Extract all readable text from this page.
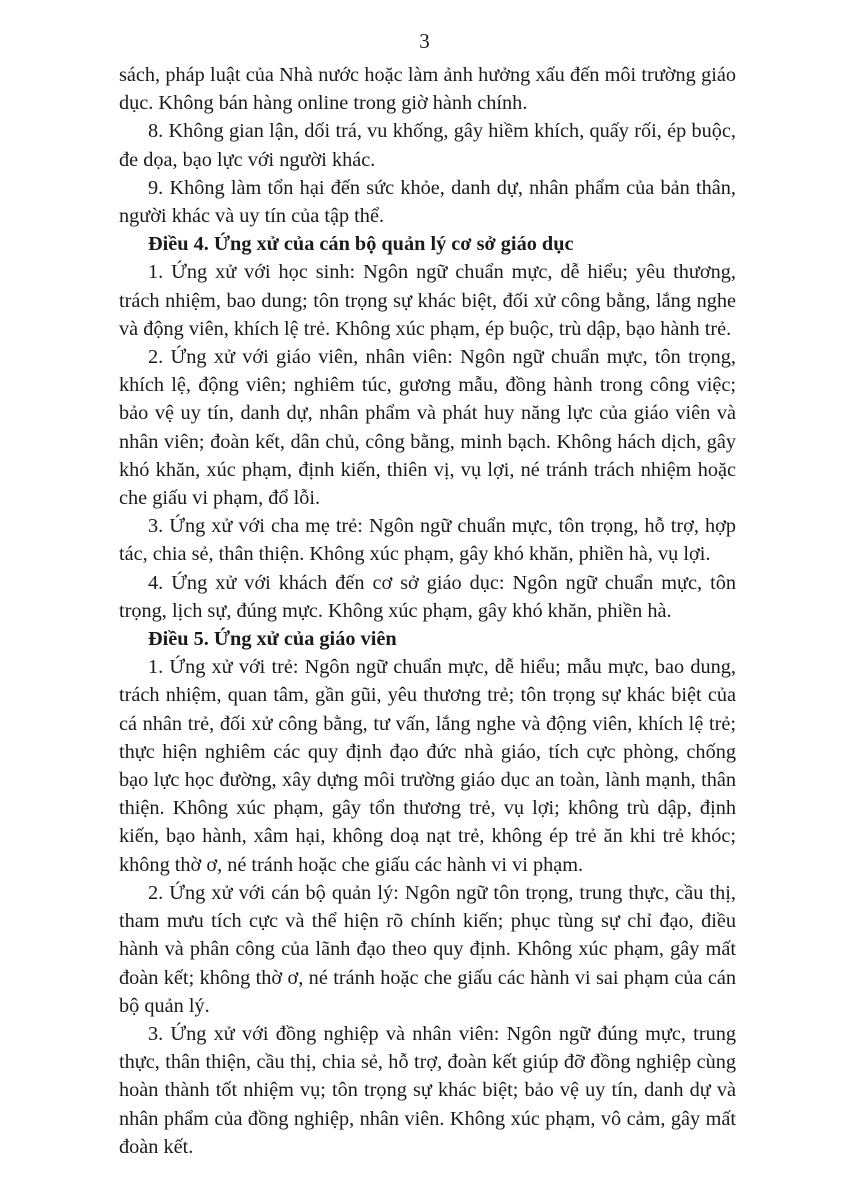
3

sách, pháp luật của Nhà nước hoặc làm ảnh hưởng xấu đến môi trường giáo dục. Không bán hàng online trong giờ hành chính.

8. Không gian lận, dối trá, vu khống, gây hiềm khích, quấy rối, ép buộc, đe dọa, bạo lực với người khác.

9. Không làm tổn hại đến sức khỏe, danh dự, nhân phẩm của bản thân, người khác và uy tín của tập thể.

Điều 4. Ứng xử của cán bộ quản lý cơ sở giáo dục

1. Ứng xử với học sinh: Ngôn ngữ chuẩn mực, dễ hiểu; yêu thương, trách nhiệm, bao dung; tôn trọng sự khác biệt, đối xử công bằng, lắng nghe và động viên, khích lệ trẻ. Không xúc phạm, ép buộc, trù dập, bạo hành trẻ.

2. Ứng xử với giáo viên, nhân viên: Ngôn ngữ chuẩn mực, tôn trọng, khích lệ, động viên; nghiêm túc, gương mẫu, đồng hành trong công việc; bảo vệ uy tín, danh dự, nhân phẩm và phát huy năng lực của giáo viên và nhân viên; đoàn kết, dân chủ, công bằng, minh bạch. Không hách dịch, gây khó khăn, xúc phạm, định kiến, thiên vị, vụ lợi, né tránh trách nhiệm hoặc che giấu vi phạm, đổ lỗi.

3. Ứng xử với cha mẹ trẻ: Ngôn ngữ chuẩn mực, tôn trọng, hỗ trợ, hợp tác, chia sẻ, thân thiện. Không xúc phạm, gây khó khăn, phiền hà, vụ lợi.

4. Ứng xử với khách đến cơ sở giáo dục: Ngôn ngữ chuẩn mực, tôn trọng, lịch sự, đúng mực. Không xúc phạm, gây khó khăn, phiền hà.

Điều 5. Ứng xử của giáo viên

1. Ứng xử với trẻ: Ngôn ngữ chuẩn mực, dễ hiểu; mẫu mực, bao dung, trách nhiệm, quan tâm, gần gũi, yêu thương trẻ; tôn trọng sự khác biệt của cá nhân trẻ, đối xử công bằng, tư vấn, lắng nghe và động viên, khích lệ trẻ; thực hiện nghiêm các quy định đạo đức nhà giáo, tích cực phòng, chống bạo lực học đường, xây dựng môi trường giáo dục an toàn, lành mạnh, thân thiện. Không xúc phạm, gây tổn thương trẻ, vụ lợi; không trù dập, định kiến, bạo hành, xâm hại, không doạ nạt trẻ, không ép trẻ ăn khi trẻ khóc; không thờ ơ, né tránh hoặc che giấu các hành vi vi phạm.

2. Ứng xử với cán bộ quản lý: Ngôn ngữ tôn trọng, trung thực, cầu thị, tham mưu tích cực và thể hiện rõ chính kiến; phục tùng sự chỉ đạo, điều hành và phân công của lãnh đạo theo quy định. Không xúc phạm, gây mất đoàn kết; không thờ ơ, né tránh hoặc che giấu các hành vi sai phạm của cán bộ quản lý.

3. Ứng xử với đồng nghiệp và nhân viên: Ngôn ngữ đúng mực, trung thực, thân thiện, cầu thị, chia sẻ, hỗ trợ, đoàn kết giúp đỡ đồng nghiệp cùng hoàn thành tốt nhiệm vụ; tôn trọng sự khác biệt; bảo vệ uy tín, danh dự và nhân phẩm của đồng nghiệp, nhân viên. Không xúc phạm, vô cảm, gây mất đoàn kết.
